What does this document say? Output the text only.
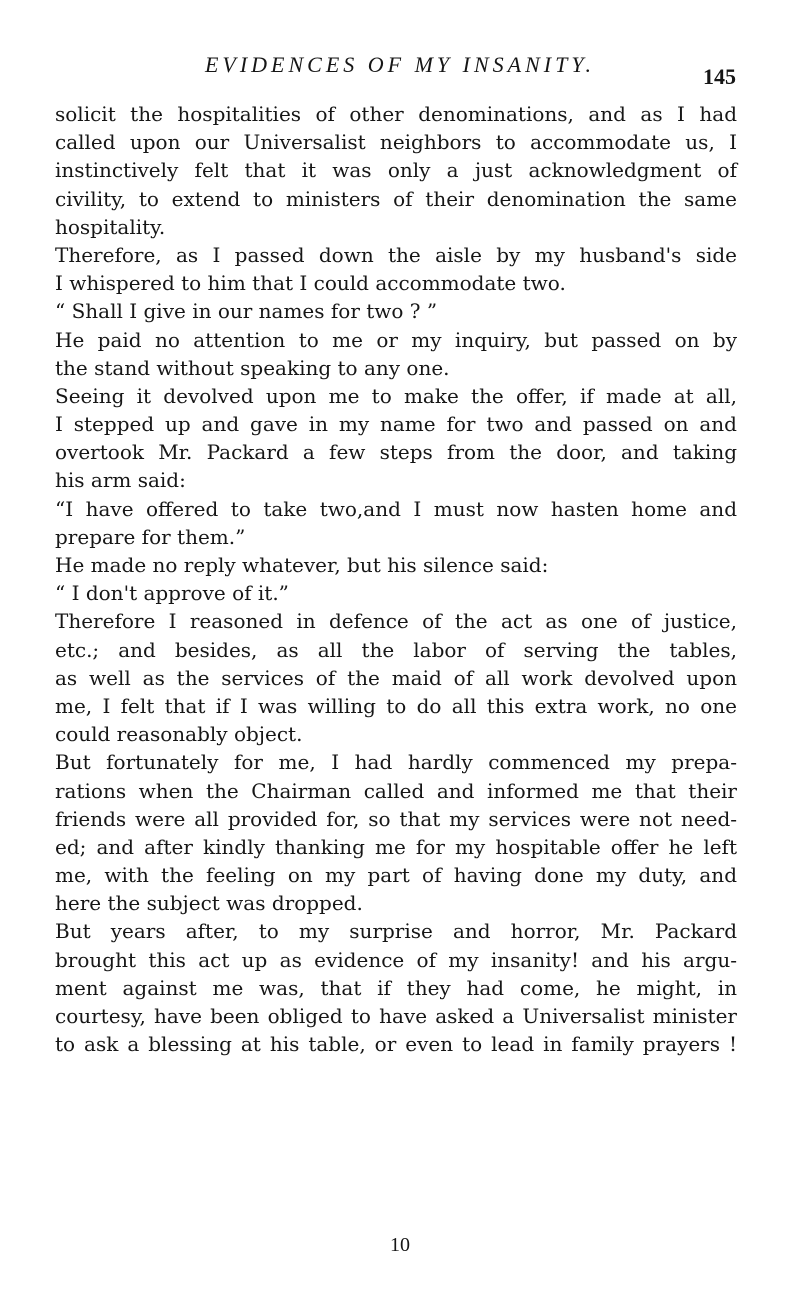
EVIDENCES OF MY INSANITY.	145
solicit the hospitalities of other denominations, and as I had
called upon our Universalist neighbors to accommodate us, I
instinctively felt that it was only a just acknowledgment of
civility, to extend to ministers of their denomination the same
hospitality.
Therefore, as I passed down the aisle by my husband's side
I whispered to him that I could accommodate two.
“ Shall I give in our names for two ? ”
He paid no attention to me or my inquiry, but passed on by
the stand without speaking to any one.
Seeing it devolved upon me to make the offer, if made at all,
I stepped up and gave in my name for two and passed on and
overtook Mr. Packard a few steps from the door, and taking
his arm said:
“I have offered to take two,and I must now hasten home and
prepare for them.”
He made no reply whatever, but his silence said:
“ I don't approve of it.”
Therefore I reasoned in defence of the act as one of justice,
etc.; and besides, as all the labor of serving the tables,
as well as the services of the maid of all work devolved upon
me, I felt that if I was willing to do all this extra work, no one
could reasonably object.
But fortunately for me, I had hardly commenced my prepa-
rations when the Chairman called and informed me that their
friends were all provided for, so that my services were not need-
ed; and after kindly thanking me for my hospitable offer he left
me, with the feeling on my part of having done my duty, and
here the subject was dropped.
But years after, to my surprise and horror, Mr. Packard
brought this act up as evidence of my insanity! and his argu-
ment against me was, that if they had come, he might, in
courtesy, have been obliged to have asked a Universalist minister
to ask a blessing at his table, or even to lead in family prayers !
10
